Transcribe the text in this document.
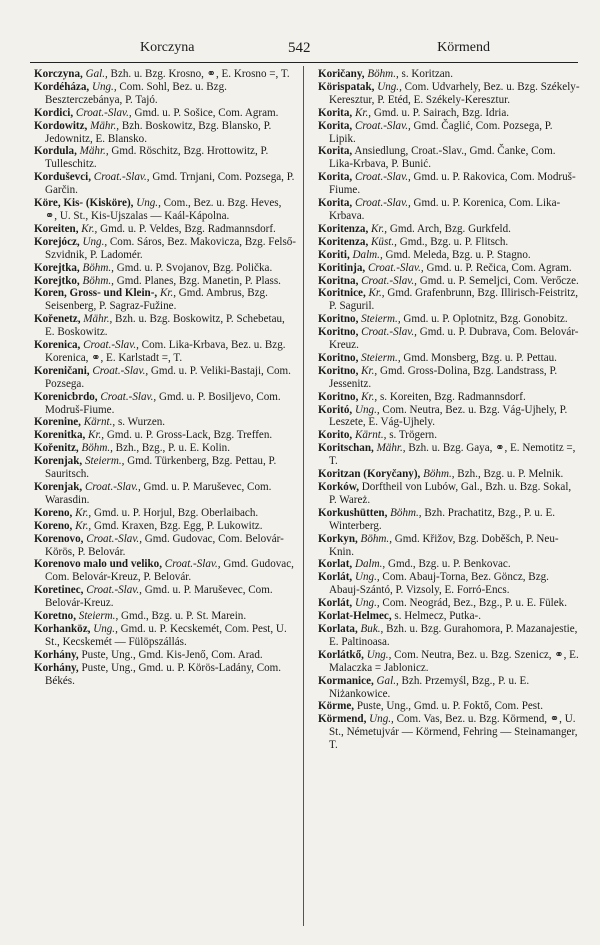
Korczyna	542	Körmend
Korczyna, Gal., Bzh. u. Bzg. Krosno, ⚭, E. Krosno =, T.
Kordéháza, Ung., Com. Sohl, Bez. u. Bzg. Beszterczebánya, P. Tajó.
Kordici, Croat.-Slav., Gmd. u. P. Sošice, Com. Agram.
Kordowitz, Mähr., Bzh. Boskowitz, Bzg. Blansko, P. Jedownitz, E. Blansko.
Kordula, Mähr., Gmd. Röschitz, Bzg. Hrottowitz, P. Tulleschitz.
Korduševci, Croat.-Slav., Gmd. Trnjani, Com. Pozsega, P. Garčin.
Köre, Kis- (Kisköre), Ung., Com., Bez. u. Bzg. Heves, ⚭, U. St., Kis-Ujszalas — Kaál-Kápolna.
Koreiten, Kr., Gmd. u. P. Veldes, Bzg. Radmannsdorf.
Korejócz, Ung., Com. Sáros, Bez. Makovicza, Bzg. Felső-Szvidnik, P. Ladomér.
Korejtka, Böhm., Gmd. u. P. Svojanov, Bzg. Polička.
Korejtko, Böhm., Gmd. Planes, Bzg. Manetin, P. Plass.
Koren, Gross- und Klein-, Kr., Gmd. Ambrus, Bzg. Seisenberg, P. Sagraz-Fužine.
Kořenetz, Mähr., Bzh. u. Bzg. Boskowitz, P. Schebetau, E. Boskowitz.
Korenica, Croat.-Slav., Com. Lika-Krbava, Bez. u. Bzg. Korenica, ⚭, E. Karlstadt =, T.
Koreničani, Croat.-Slav., Gmd. u. P. Veliki-Bastaji, Com. Pozsega.
Korenicbrdo, Croat.-Slav., Gmd. u. P. Bosiljevo, Com. Modruš-Fiume.
Korenine, Kärnt., s. Wurzen.
Korenitka, Kr., Gmd. u. P. Gross-Lack, Bzg. Treffen.
Kořenitz, Böhm., Bzh., Bzg., P. u. E. Kolin.
Korenjak, Steierm., Gmd. Türkenberg, Bzg. Pettau, P. Sauritsch.
Korenjak, Croat.-Slav., Gmd. u. P. Maruševec, Com. Warasdin.
Koreno, Kr., Gmd. u. P. Horjul, Bzg. Oberlaibach.
Koreno, Kr., Gmd. Kraxen, Bzg. Egg, P. Lukowitz.
Korenovo, Croat.-Slav., Gmd. Gudovac, Com. Belovár-Körös, P. Belovár.
Korenovo malo und veliko, Croat.-Slav., Gmd. Gudovac, Com. Belovár-Kreuz, P. Belovár.
Koretinec, Croat.-Slav., Gmd. u. P. Maruševec, Com. Belovár-Kreuz.
Koretno, Steierm., Gmd., Bzg. u. P. St. Marein.
Korhanköz, Ung., Gmd. u. P. Kecskemét, Com. Pest, U. St., Kecskemét — Fülöpszállás.
Korhány, Puste, Ung., Gmd. Kis-Jenő, Com. Arad.
Korhány, Puste, Ung., Gmd. u. P. Körös-Ladány, Com. Békés.
Koričany, Böhm., s. Koritzan.
Körispatak, Ung., Com. Udvarhely, Bez. u. Bzg. Székely-Keresztur, P. Etéd, E. Székely-Keresztur.
Korita, Kr., Gmd. u. P. Sairach, Bzg. Idria.
Korita, Croat.-Slav., Gmd. Čaglić, Com. Pozsega, P. Lipik.
Korita, Ansiedlung, Croat.-Slav., Gmd. Čanke, Com. Lika-Krbava, P. Bunić.
Korita, Croat.-Slav., Gmd. u. P. Rakovica, Com. Modruš-Fiume.
Korita, Croat.-Slav., Gmd. u. P. Korenica, Com. Lika-Krbava.
Koritenza, Kr., Gmd. Arch, Bzg. Gurkfeld.
Koritenza, Küst., Gmd., Bzg. u. P. Flitsch.
Koriti, Dalm., Gmd. Meleda, Bzg. u. P. Stagno.
Koritinja, Croat.-Slav., Gmd. u. P. Rečica, Com. Agram.
Koritna, Croat.-Slav., Gmd. u. P. Semeljci, Com. Verőcze.
Koritnice, Kr., Gmd. Grafenbrunn, Bzg. Illirisch-Feistritz, P. Saguril.
Koritno, Steierm., Gmd. u. P. Oplotnitz, Bzg. Gonobitz.
Koritno, Croat.-Slav., Gmd. u. P. Dubrava, Com. Belovár-Kreuz.
Koritno, Steierm., Gmd. Monsberg, Bzg. u. P. Pettau.
Koritno, Kr., Gmd. Gross-Dolina, Bzg. Landstrass, P. Jessenitz.
Koritno, Kr., s. Koreiten, Bzg. Radmannsdorf.
Koritó, Ung., Com. Neutra, Bez. u. Bzg. Vág-Ujhely, P. Leszete, E. Vág-Ujhely.
Korito, Kärnt., s. Trögern.
Koritschan, Mähr., Bzh. u. Bzg. Gaya, ⚭, E. Nemotitz =, T.
Koritzan (Koryčany), Böhm., Bzh., Bzg. u. P. Melnik.
Korków, Dorftheil von Lubów, Gal., Bzh. u. Bzg. Sokal, P. Wareż.
Korkushütten, Böhm., Bzh. Prachatitz, Bzg., P. u. E. Winterberg.
Korkyn, Böhm., Gmd. Křižov, Bzg. Doběšch, P. Neu-Knin.
Korlat, Dalm., Gmd., Bzg. u. P. Benkovac.
Korlát, Ung., Com. Abauj-Torna, Bez. Göncz, Bzg. Abauj-Szántó, P. Vizsoly, E. Forró-Encs.
Korlát, Ung., Com. Neográd, Bez., Bzg., P. u. E. Fülek.
Korlat-Helmec, s. Helmecz, Putka-.
Korlata, Buk., Bzh. u. Bzg. Gurahomora, P. Mazanajestie, E. Paltinoasa.
Korlátkő, Ung., Com. Neutra, Bez. u. Bzg. Szenicz, ⚭, E. Malaczka = Jablonicz.
Kormanice, Gal., Bzh. Przemyśl, Bzg., P. u. E. Niżankowice.
Körme, Puste, Ung., Gmd. u. P. Foktő, Com. Pest.
Körmend, Ung., Com. Vas, Bez. u. Bzg. Körmend, ⚭, U. St., Németujvár — Körmend, Fehring — Steinamanger, T.
